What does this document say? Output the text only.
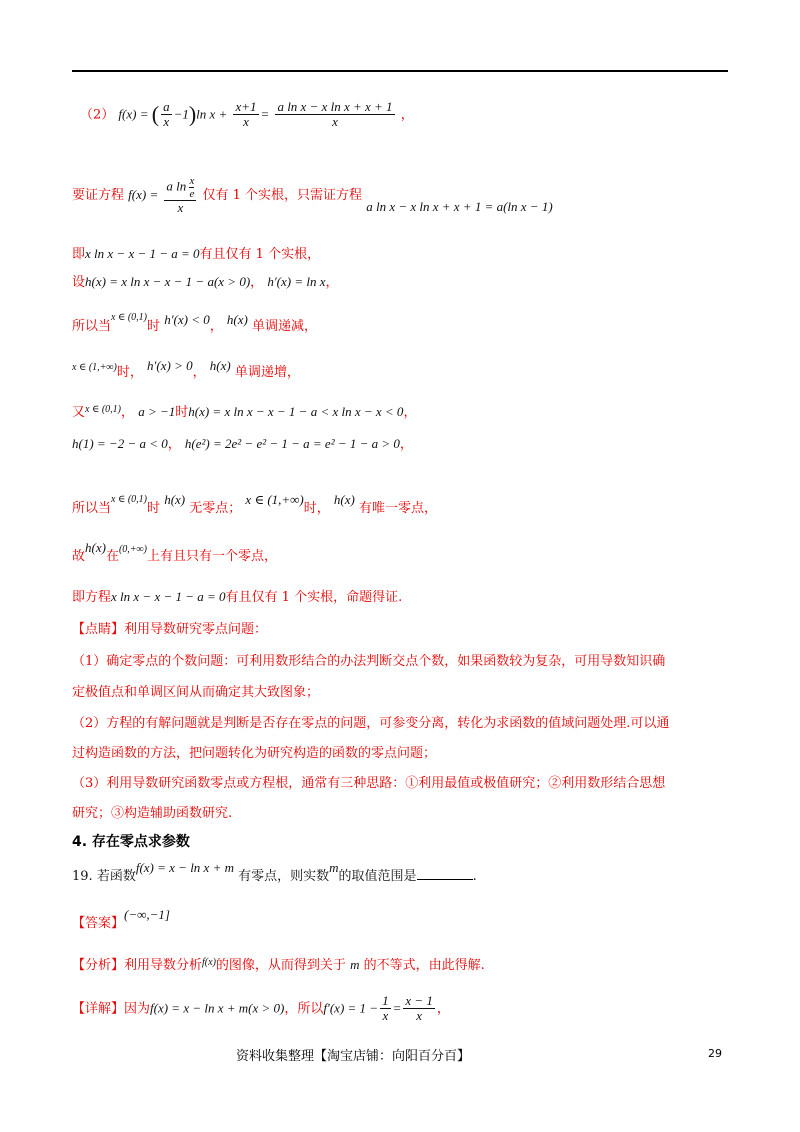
（2） f(x) = ( $\frac{a}{x} -1)\ln$ $x + \frac{x+1}{x} = \frac{\text{a ln x − x ln x + x + 1}}{x}$ ，
要证方程 $f(x) = \frac{a \ln \frac{x}{e}}{x}$ 仅有 1 个实根，只需证方程 a ln x − x ln x + x + 1 = a(ln x − 1)
即x ln x − x − 1 − a = 0有且仅有 1 个实根，
设h(x) = x ln x − x − 1 − a(x > 0)， h′(x) = ln x，
所以当$^{x \in (0,1)}$时 h′(x) < 0， h(x) 单调递减，
$^{x \in (1,+\infty)}$时， h′(x) > 0， h(x) 单调递增，
又$^{x \in (0,1)}$， a > −1时h(x) = x ln x − x − 1 − a < x ln x − x < 0，
h(1) = −2 − a < 0， h(e²) = 2e² − e² − 1 − a = e² − 1 − a > 0，
所以当$^{x \in (0,1)}$时 h(x) 无零点； x ∈ (1,+∞)时， h(x) 有唯一零点，
故h(x)在$^{(0,+\infty)}$上有且只有一个零点，
即方程x ln x − x − 1 − a = 0有且仅有 1 个实根，命题得证.
【点睛】利用导数研究零点问题：
（1）确定零点的个数问题：可利用数形结合的办法判断交点个数，如果函数较为复杂，可用导数知识确
定极值点和单调区间从而确定其大致图象；
（2）方程的有解问题就是判断是否存在零点的问题，可参变分离，转化为求函数的值域问题处理.可以通
过构造函数的方法，把问题转化为研究构造的函数的零点问题；
（3）利用导数研究函数零点或方程根，通常有三种思路：①利用最值或极值研究；②利用数形结合思想
研究；③构造辅助函数研究.
4. 存在零点求参数
19. 若函数f(x) = x − ln x + m 有零点，则实数m的取值范围是	.
【答案】(−∞,−1]
【分析】利用导数分析$^{f(x)}$的图像，从而得到关于 m 的不等式，由此得解.
【详解】因为f(x) = x − ln x + m(x > 0)，所以$f'(x) = 1 - \frac{1}{x} = \frac{x - 1}{x}$ ，
资料收集整理【淘宝店铺：向阳百分百】	29
